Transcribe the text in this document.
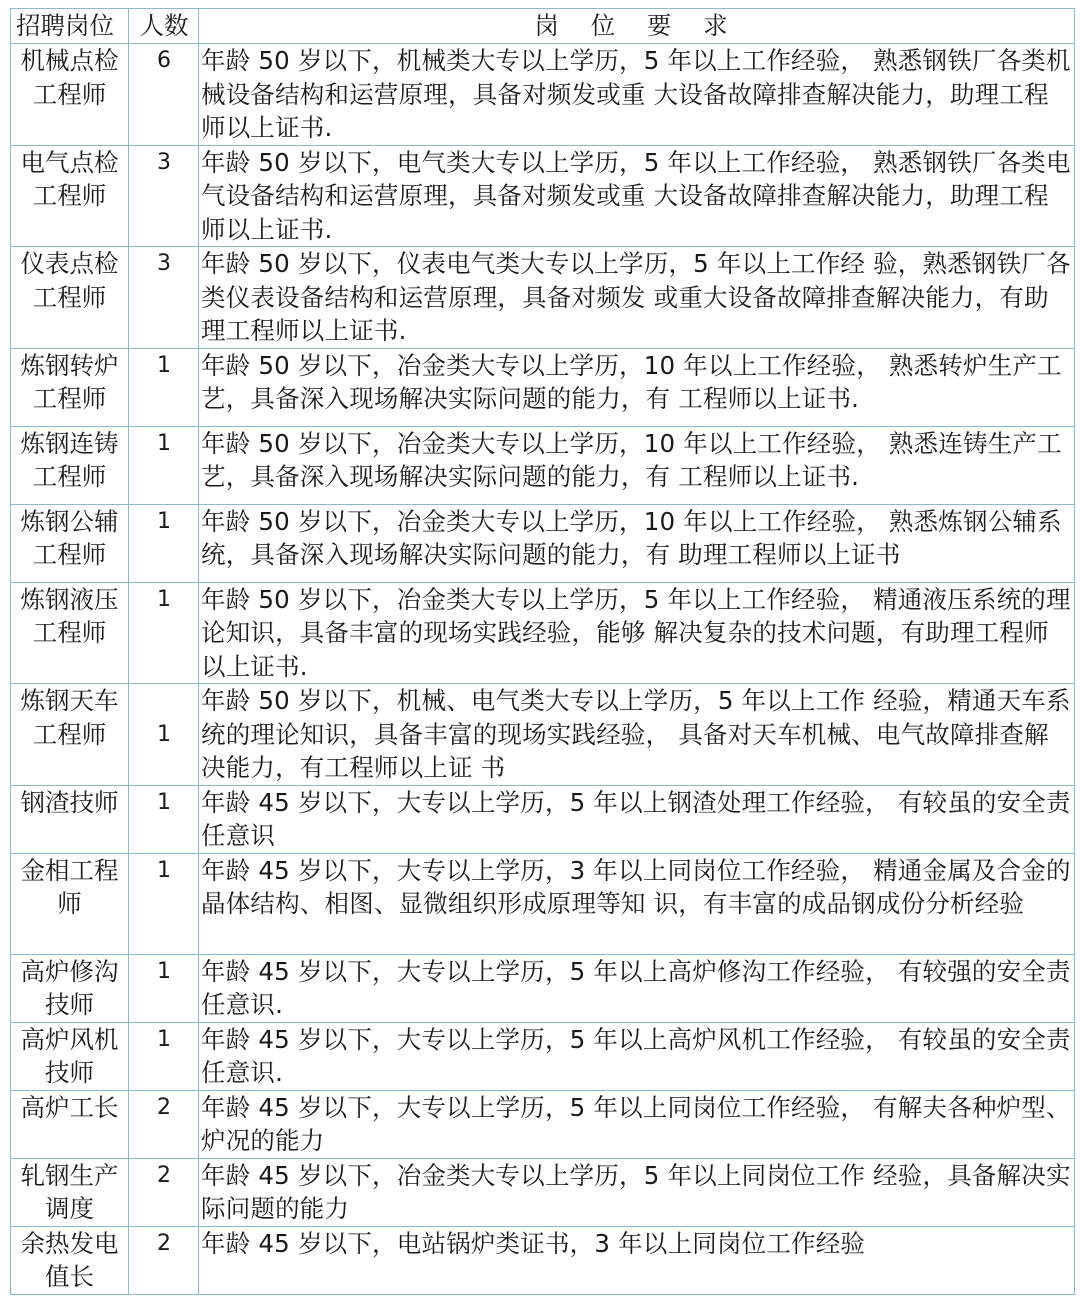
招聘岗位	人数	岗 位 要 求
机械点检工程师	6	年龄 50 岁以下，机械类大专以上学历，5 年以上工作经验， 熟悉钢铁厂各类机械设备结构和运营原理，具备对频发或重 大设备故障排查解决能力，助理工程师以上证书.
电气点检工程师	3	年龄 50 岁以下，电气类大专以上学历，5 年以上工作经验， 熟悉钢铁厂各类电气设备结构和运营原理，具备对频发或重 大设备故障排查解决能力，助理工程师以上证书.
仪表点检工程师	3	年龄 50 岁以下，仪表电气类大专以上学历，5 年以上工作经 验，熟悉钢铁厂各类仪表设备结构和运营原理，具备对频发 或重大设备故障排查解决能力，有助理工程师以上证书.
炼钢转炉工程师	1	年龄 50 岁以下，冶金类大专以上学历，10 年以上工作经验， 熟悉转炉生产工艺，具备深入现场解决实际问题的能力，有 工程师以上证书.
炼钢连铸工程师	1	年龄 50 岁以下，冶金类大专以上学历，10 年以上工作经验， 熟悉连铸生产工艺，具备深入现场解决实际问题的能力，有 工程师以上证书.
炼钢公辅工程师	1	年龄 50 岁以下，冶金类大专以上学历，10 年以上工作经验， 熟悉炼钢公辅系统，具备深入现场解决实际问题的能力，有 助理工程师以上证书
炼钢液压工程师	1	年龄 50 岁以下，冶金类大专以上学历，5 年以上工作经验， 精通液压系统的理论知识，具备丰富的现场实践经验，能够 解决复杂的技术问题，有助理工程师以上证书.
炼钢天车工程师	1	年龄 50 岁以下，机械、电气类大专以上学历，5 年以上工作 经验，精通天车系统的理论知识，具备丰富的现场实践经验， 具备对天车机械、电气故障排查解决能力，有工程师以上证 书
钢渣技师	1	年龄 45 岁以下，大专以上学历，5 年以上钢渣处理工作经验， 有较虽的安全责任意识
金相工程师	1	年龄 45 岁以下，大专以上学历，3 年以上同岗位工作经验， 精通金属及合金的晶体结构、相图、显微组织形成原理等知 识，有丰富的成品钢成份分析经验
高炉修沟技师	1	年龄 45 岁以下，大专以上学历，5 年以上高炉修沟工作经验， 有较强的安全责任意识.
高炉风机技师	1	年龄 45 岁以下，大专以上学历，5 年以上高炉风机工作经验， 有较虽的安全责任意识.
高炉工长	2	年龄 45 岁以下，大专以上学历，5 年以上同岗位工作经验， 有解夫各种炉型、炉况的能力
轧钢生产调度	2	年龄 45 岁以下，冶金类大专以上学历，5 年以上同岗位工作 经验，具备解决实际问题的能力
余热发电值长	2	年龄 45 岁以下，电站锅炉类证书，3 年以上同岗位工作经验
